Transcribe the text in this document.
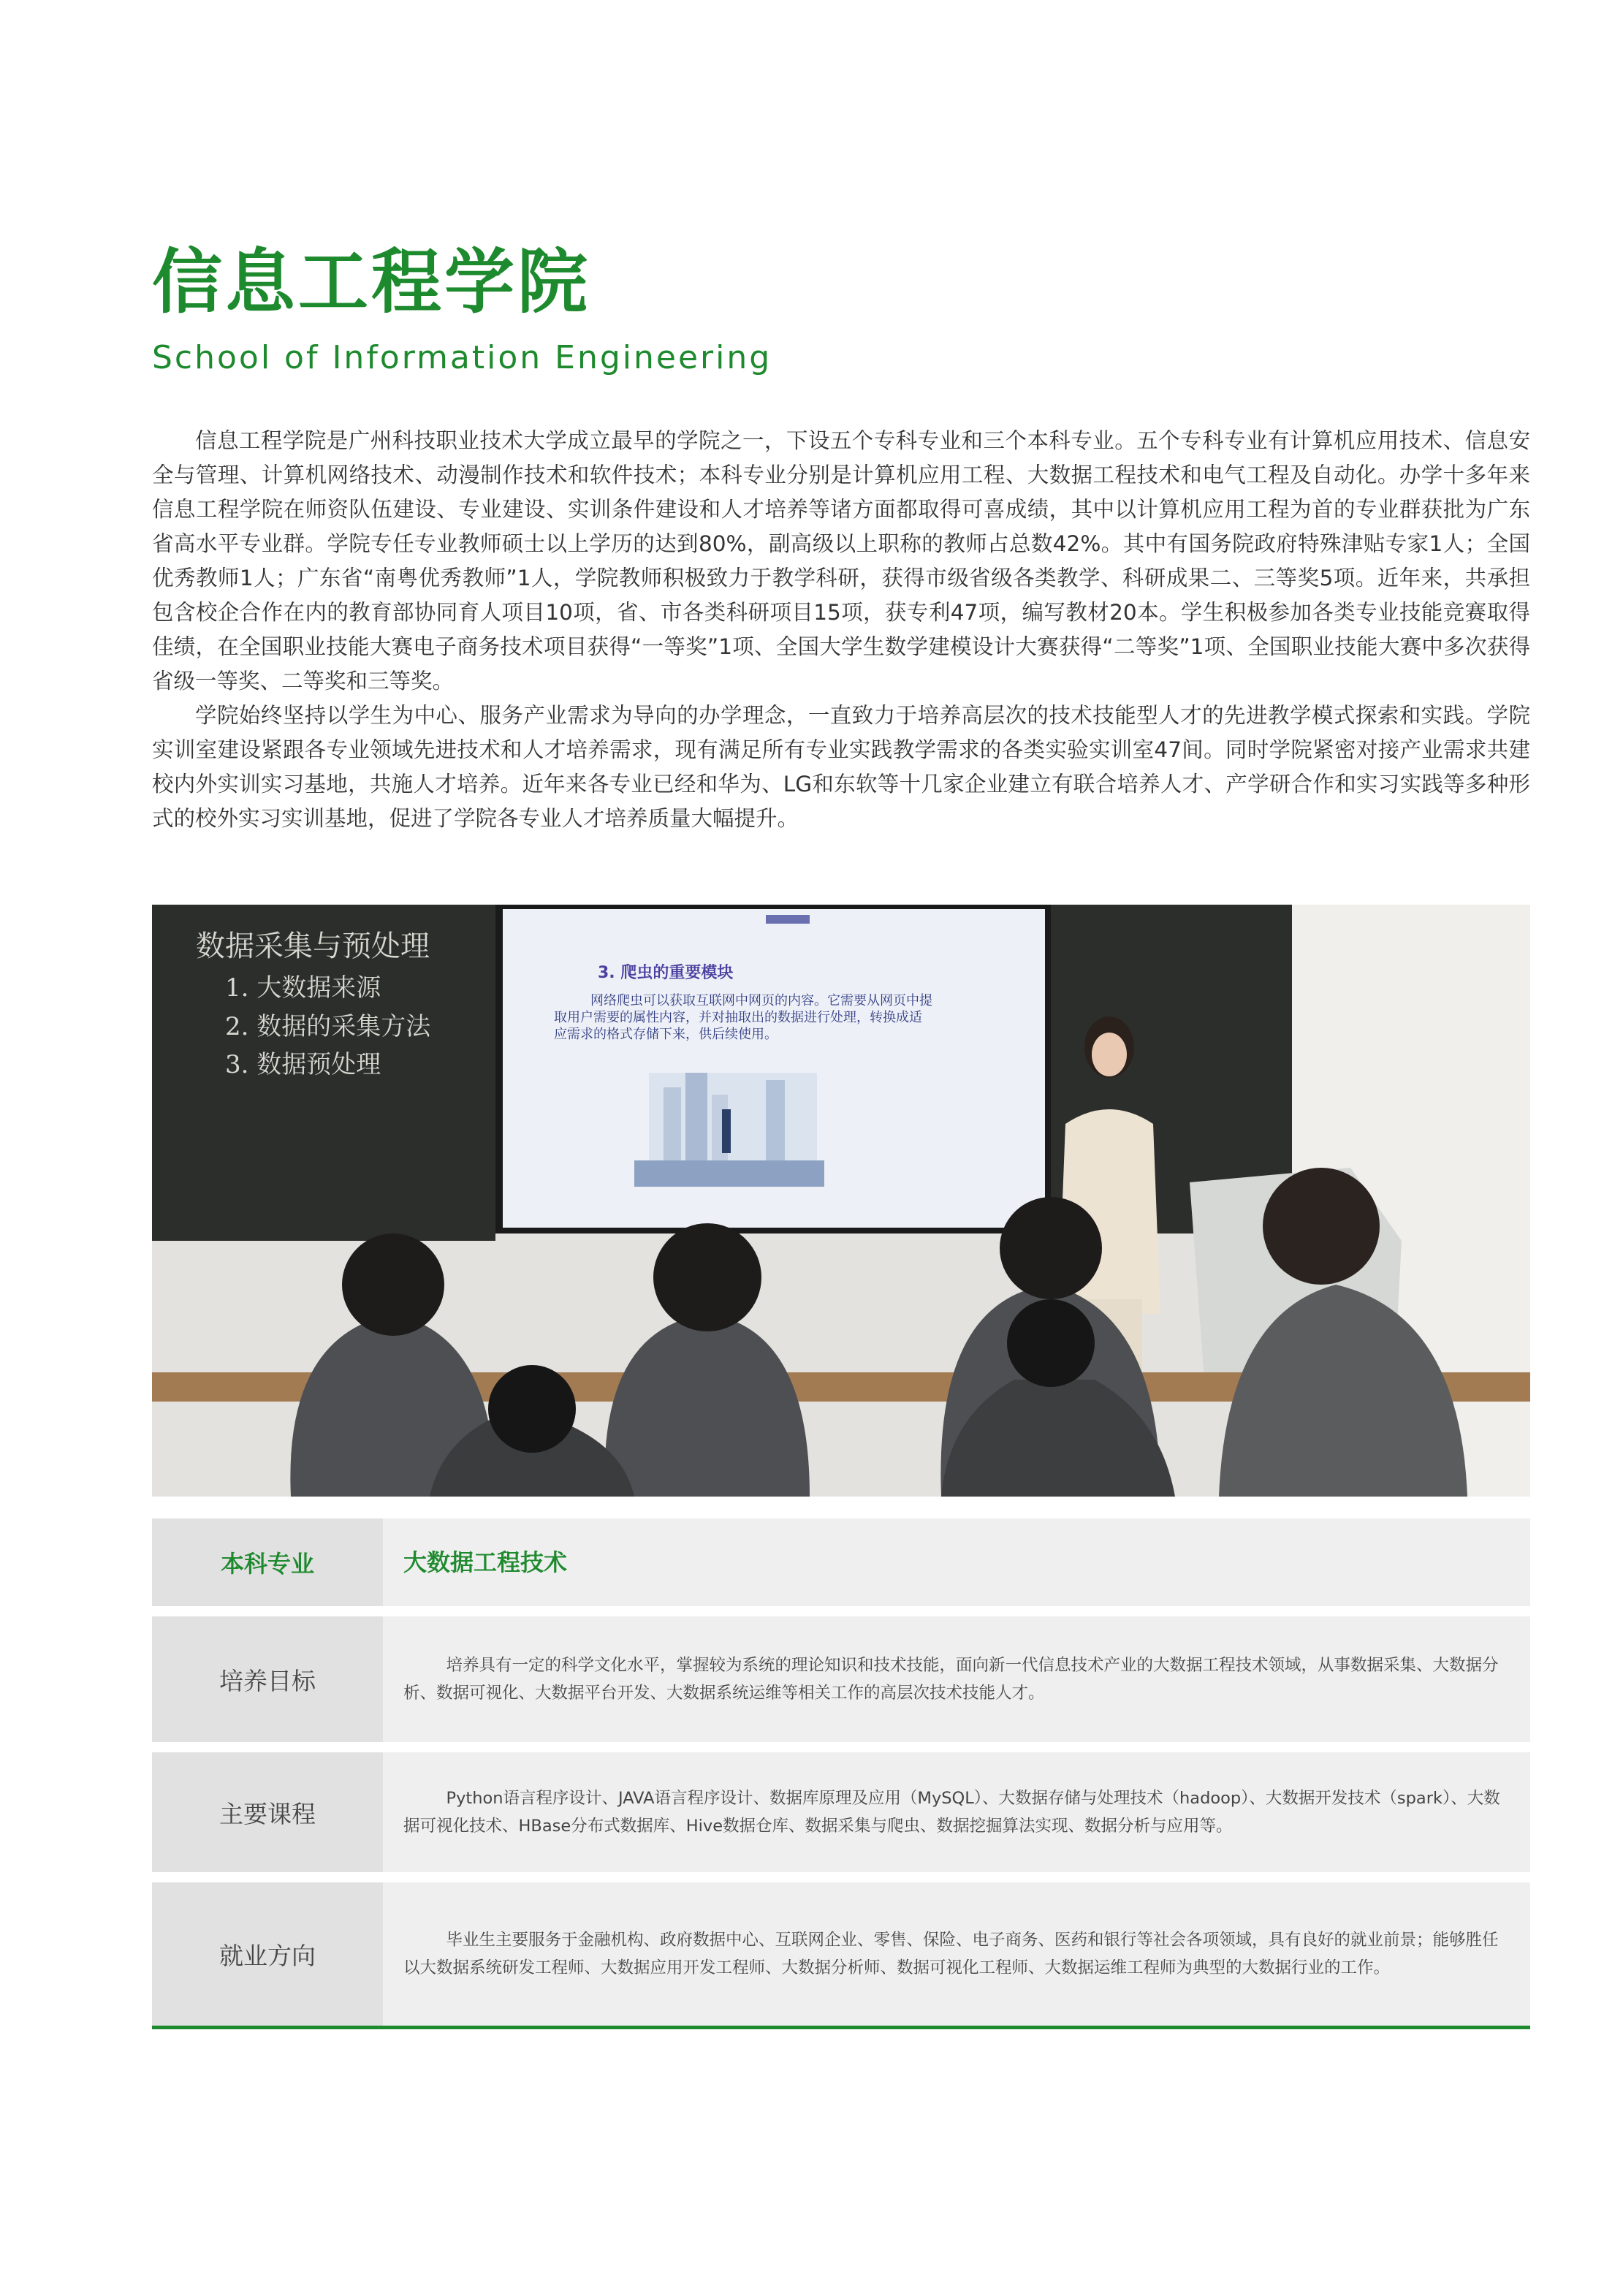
信息工程学院
School of Information Engineering

信息工程学院是广州科技职业技术大学成立最早的学院之一，下设五个专科专业和三个本科专业。五个专科专业有计算机应用技术、信息安全与管理、计算机网络技术、动漫制作技术和软件技术；本科专业分别是计算机应用工程、大数据工程技术和电气工程及自动化。办学十多年来信息工程学院在师资队伍建设、专业建设、实训条件建设和人才培养等诸方面都取得可喜成绩，其中以计算机应用工程为首的专业群获批为广东省高水平专业群。学院专任专业教师硕士以上学历的达到80%，副高级以上职称的教师占总数42%。其中有国务院政府特殊津贴专家1人；全国优秀教师1人；广东省“南粤优秀教师”1人，学院教师积极致力于教学科研，获得市级省级各类教学、科研成果二、三等奖5项。近年来，共承担包含校企合作在内的教育部协同育人项目10项，省、市各类科研项目15项，获专利47项，编写教材20本。学生积极参加各类专业技能竞赛取得佳绩，在全国职业技能大赛电子商务技术项目获得“一等奖”1项、全国大学生数学建模设计大赛获得“二等奖”1项、全国职业技能大赛中多次获得省级一等奖、二等奖和三等奖。

学院始终坚持以学生为中心、服务产业需求为导向的办学理念，一直致力于培养高层次的技术技能型人才的先进教学模式探索和实践。学院实训室建设紧跟各专业领域先进技术和人才培养需求，现有满足所有专业实践教学需求的各类实验实训室47间。同时学院紧密对接产业需求共建校内外实训实习基地，共施人才培养。近年来各专业已经和华为、LG和东软等十几家企业建立有联合培养人才、产学研合作和实习实践等多种形式的校外实习实训基地，促进了学院各专业人才培养质量大幅提升。

数据采集与预处理
1. 大数据来源
2. 数据的采集方法
3. 数据预处理
3. 爬虫的重要模块
网络爬虫可以获取互联网中网页的内容。它需要从网页中提
取用户需要的属性内容，并对抽取出的数据进行处理，转换成适
应需求的格式存储下来，供后续使用。
本科专业	大数据工程技术
培养目标
培养具有一定的科学文化水平，掌握较为系统的理论知识和技术技能，面向新一代信息技术产业的大数据工程技术领域，从事数据采集、大数据分析、数据可视化、大数据平台开发、大数据系统运维等相关工作的高层次技术技能人才。
主要课程
Python语言程序设计、JAVA语言程序设计、数据库原理及应用（MySQL）、大数据存储与处理技术（hadoop）、大数据开发技术（spark）、大数据可视化技术、HBase分布式数据库、Hive数据仓库、数据采集与爬虫、数据挖掘算法实现、数据分析与应用等。
就业方向
毕业生主要服务于金融机构、政府数据中心、互联网企业、零售、保险、电子商务、医药和银行等社会各项领域，具有良好的就业前景；能够胜任以大数据系统研发工程师、大数据应用开发工程师、大数据分析师、数据可视化工程师、大数据运维工程师为典型的大数据行业的工作。
